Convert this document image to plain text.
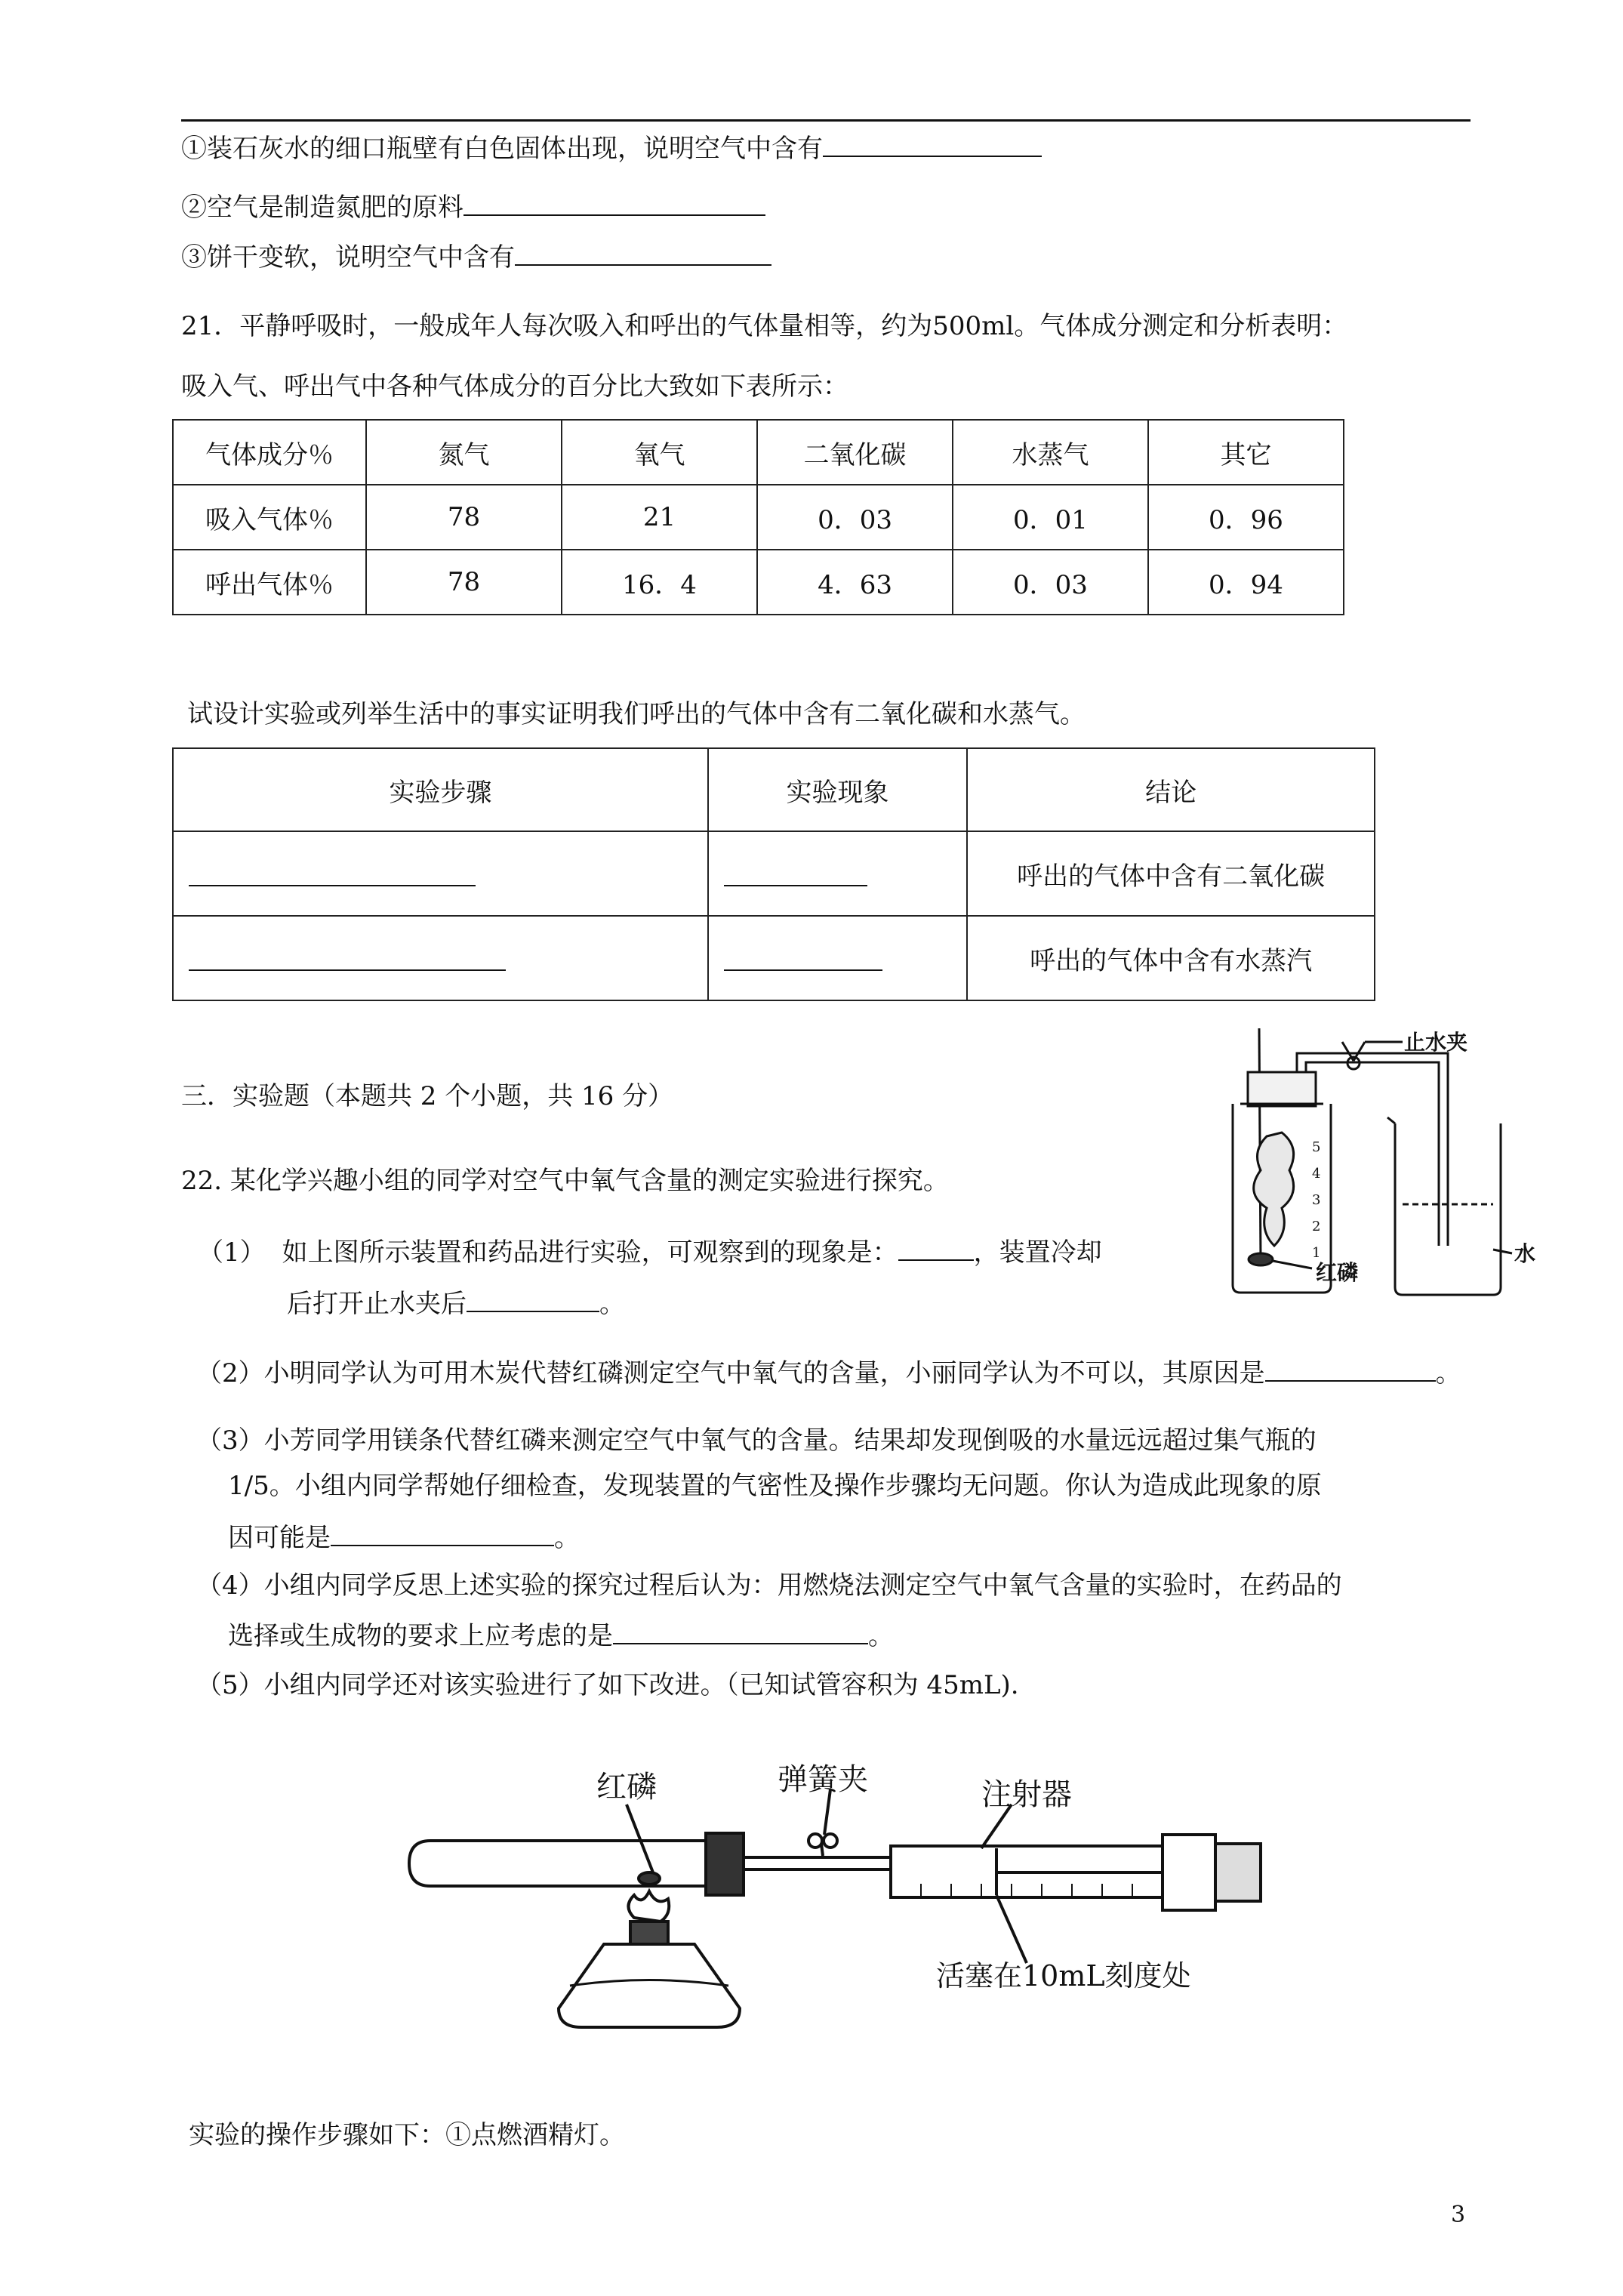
①装石灰水的细口瓶壁有白色固体出现，说明空气中含有
②空气是制造氮肥的原料
③饼干变软，说明空气中含有
21．平静呼吸时，一般成年人每次吸入和呼出的气体量相等，约为500ml。气体成分测定和分析表明：
吸入气、呼出气中各种气体成分的百分比大致如下表所示：
气体成分％	氮气	氧气	二氧化碳	水蒸气	其它
吸入气体％	78	21	0．03	0．01	0．96
呼出气体％	78	16．4	4．63	0．03	0．94
试设计实验或列举生活中的事实证明我们呼出的气体中含有二氧化碳和水蒸气。
实验步骤	实验现象	结论
		呼出的气体中含有二氧化碳
		呼出的气体中含有水蒸汽
三．实验题（本题共 2 个小题，共 16 分）
22. 某化学兴趣小组的同学对空气中氧气含量的测定实验进行探究。
（1） 如上图所示装置和药品进行实验，可观察到的现象是：	，装置冷却
后打开止水夹后	。
（2）小明同学认为可用木炭代替红磷测定空气中氧气的含量，小丽同学认为不可以，其原因是	。
（3）小芳同学用镁条代替红磷来测定空气中氧气的含量。结果却发现倒吸的水量远远超过集气瓶的
1/5。小组内同学帮她仔细检查，发现装置的气密性及操作步骤均无问题。你认为造成此现象的原
因可能是	。
（4）小组内同学反思上述实验的探究过程后认为：用燃烧法测定空气中氧气含量的实验时，在药品的
选择或生成物的要求上应考虑的是	。
（5）小组内同学还对该实验进行了如下改进。（已知试管容积为 45mL).
5
4
3
2
1
止水夹
红磷
水
红磷	弹簧夹	注射器
活塞在10mL刻度处
实验的操作步骤如下：①点燃酒精灯。
3
